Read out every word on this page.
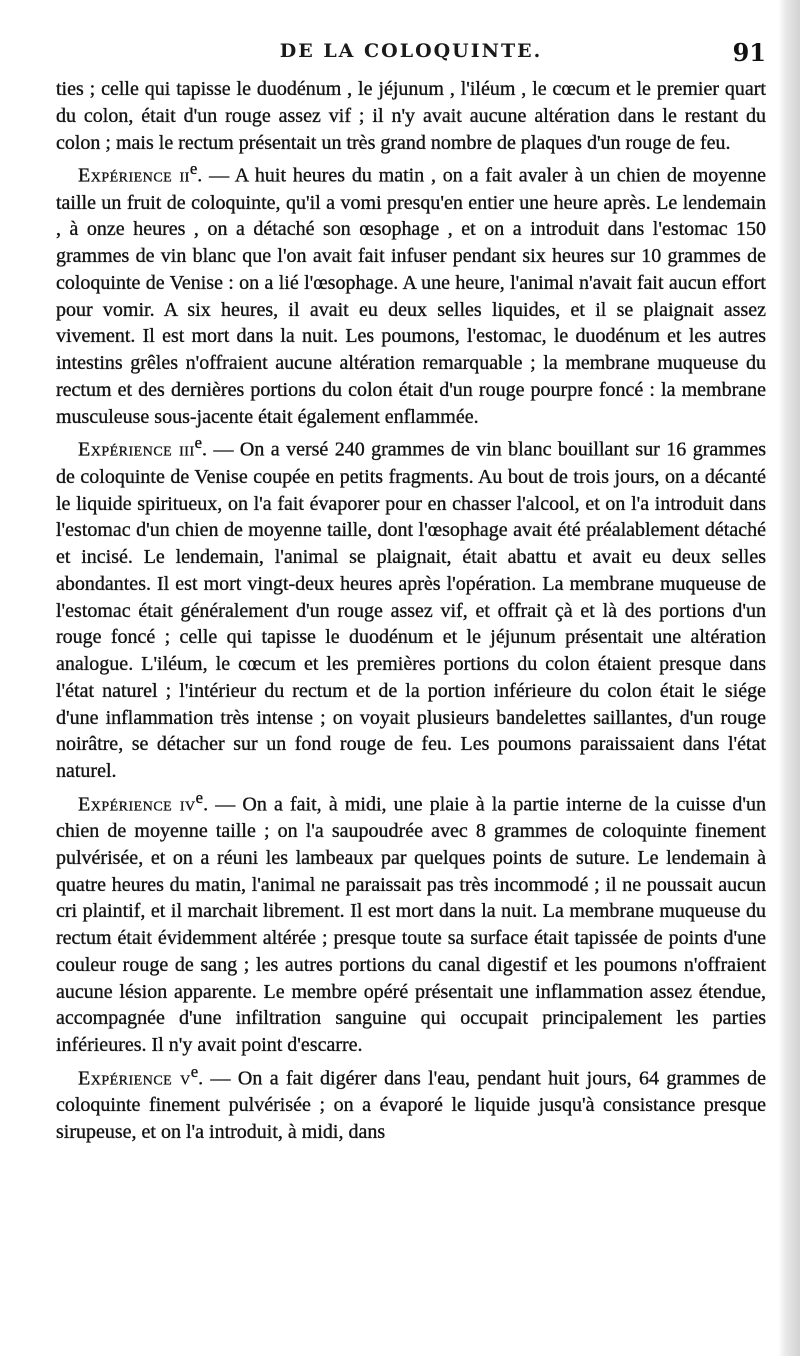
DE LA COLOQUINTE.	91

ties ; celle qui tapisse le duodénum , le jéjunum , l'iléum , le cœcum et le premier quart du colon, était d'un rouge assez vif ; il n'y avait aucune altération dans le restant du colon ; mais le rectum présentait un très grand nombre de plaques d'un rouge de feu.

Expérience $ii^e$. — A huit heures du matin , on a fait avaler à un chien de moyenne taille un fruit de coloquinte, qu'il a vomi presqu'en entier une heure après. Le lendemain , à onze heures , on a détaché son œsophage , et on a introduit dans l'estomac 150 grammes de vin blanc que l'on avait fait infuser pendant six heures sur 10 grammes de coloquinte de Venise : on a lié l'œsophage. A une heure, l'animal n'avait fait aucun effort pour vomir. A six heures, il avait eu deux selles liquides, et il se plaignait assez vivement. Il est mort dans la nuit. Les poumons, l'estomac, le duodénum et les autres intestins grêles n'offraient aucune altération remarquable ; la membrane muqueuse du rectum et des dernières portions du colon était d'un rouge pourpre foncé : la membrane musculeuse sous-jacente était également enflammée.

Expérience iii$^e$. — On a versé 240 grammes de vin blanc bouillant sur 16 grammes de coloquinte de Venise coupée en petits fragments. Au bout de trois jours, on a décanté le liquide spiritueux, on l'a fait évaporer pour en chasser l'alcool, et on l'a introduit dans l'estomac d'un chien de moyenne taille, dont l'œsophage avait été préalablement détaché et incisé. Le lendemain, l'animal se plaignait, était abattu et avait eu deux selles abondantes. Il est mort vingt-deux heures après l'opération. La membrane muqueuse de l'estomac était généralement d'un rouge assez vif, et offrait çà et là des portions d'un rouge foncé ; celle qui tapisse le duodénum et le jéjunum présentait une altération analogue. L'iléum, le cœcum et les premières portions du colon étaient presque dans l'état naturel ; l'intérieur du rectum et de la portion inférieure du colon était le siége d'une inflammation très intense ; on voyait plusieurs bandelettes saillantes, d'un rouge noirâtre, se détacher sur un fond rouge de feu. Les poumons paraissaient dans l'état naturel.

Expérience $iv^e$. — On a fait, à midi, une plaie à la partie interne de la cuisse d'un chien de moyenne taille ; on l'a saupoudrée avec 8 grammes de coloquinte finement pulvérisée, et on a réuni les lambeaux par quelques points de suture. Le lendemain à quatre heures du matin, l'animal ne paraissait pas très incommodé ; il ne poussait aucun cri plaintif, et il marchait librement. Il est mort dans la nuit. La membrane muqueuse du rectum était évidemment altérée ; presque toute sa surface était tapissée de points d'une couleur rouge de sang ; les autres portions du canal digestif et les poumons n'offraient aucune lésion apparente. Le membre opéré présentait une inflammation assez étendue, accompagnée d'une infiltration sanguine qui occupait principalement les parties inférieures. Il n'y avait point d'escarre.

Expérience $v^e$. — On a fait digérer dans l'eau, pendant huit jours, 64 grammes de coloquinte finement pulvérisée ; on a évaporé le liquide jusqu'à consistance presque sirupeuse, et on l'a introduit, à midi, dans
